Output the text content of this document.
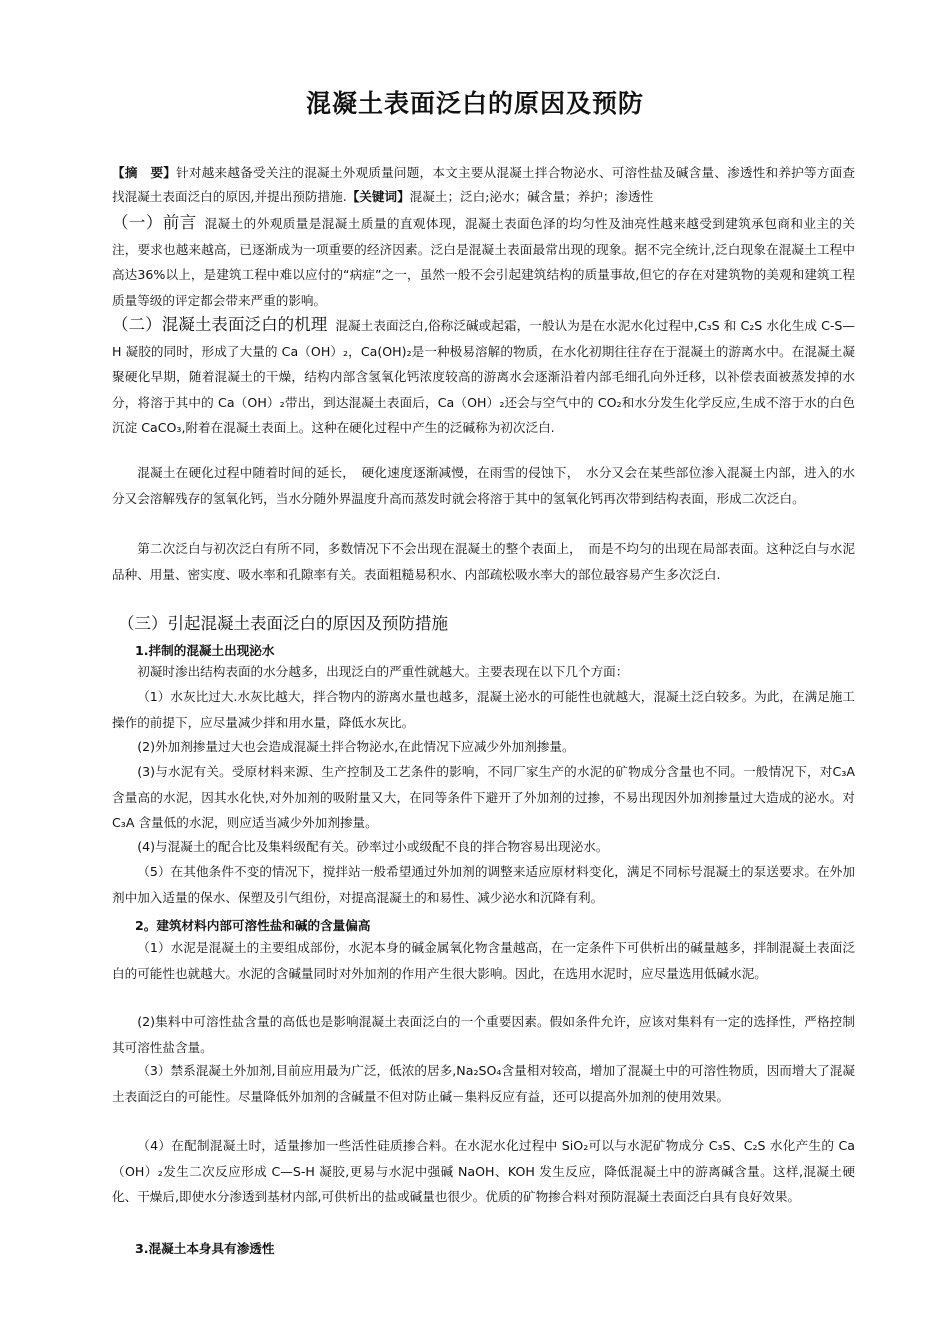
混凝土表面泛白的原因及预防
【摘　要】针对越来越备受关注的混凝土外观质量问题，本文主要从混凝土拌合物泌水、可溶性盐及碱含量、渗透性和养护等方面查找混凝土表面泛白的原因,并提出预防措施.【关键词】混凝土；泛白;泌水；碱含量；养护；渗透性
（一）前言 混凝土的外观质量是混凝土质量的直观体现，混凝土表面色泽的均匀性及油亮性越来越受到建筑承包商和业主的关注，要求也越来越高，已逐渐成为一项重要的经济因素。泛白是混凝土表面最常出现的现象。据不完全统计,泛白现象在混凝土工程中高达36%以上，是建筑工程中难以应付的“病症”之一，虽然一般不会引起建筑结构的质量事故,但它的存在对建筑物的美观和建筑工程质量等级的评定都会带来严重的影响。

（二）混凝土表面泛白的机理 混凝土表面泛白,俗称泛碱或起霜，一般认为是在水泥水化过程中,C₃S 和 C₂S 水化生成 C-S—H 凝胶的同时，形成了大量的 Ca（OH）₂，Ca(OH)₂是一种极易溶解的物质，在水化初期往往存在于混凝土的游离水中。在混凝土凝聚硬化早期，随着混凝土的干燥，结构内部含氢氧化钙浓度较高的游离水会逐渐沿着内部毛细孔向外迁移，以补偿表面被蒸发掉的水分，将溶于其中的 Ca（OH）₂带出，到达混凝土表面后，Ca（OH）₂还会与空气中的 CO₂和水分发生化学反应,生成不溶于水的白色沉淀 CaCO₃,附着在混凝土表面上。这种在硬化过程中产生的泛碱称为初次泛白.

混凝土在硬化过程中随着时间的延长，　硬化速度逐渐减慢，在雨雪的侵蚀下，　水分又会在某些部位渗入混凝土内部，进入的水分又会溶解残存的氢氧化钙，当水分随外界温度升高而蒸发时就会将溶于其中的氢氧化钙再次带到结构表面，形成二次泛白。
第二次泛白与初次泛白有所不同，多数情况下不会出现在混凝土的整个表面上，　而是不均匀的出现在局部表面。这种泛白与水泥品种、用量、密实度、吸水率和孔隙率有关。表面粗糙易积水、内部疏松吸水率大的部位最容易产生多次泛白.
（三）引起混凝土表面泛白的原因及预防措施
1.拌制的混凝土出现泌水
初凝时渗出结构表面的水分越多，出现泛白的严重性就越大。主要表现在以下几个方面：
（1）水灰比过大.水灰比越大，拌合物内的游离水量也越多，混凝土泌水的可能性也就越大，混凝土泛白较多。为此，在满足施工操作的前提下，应尽量减少拌和用水量，降低水灰比。
(2)外加剂掺量过大也会造成混凝土拌合物泌水,在此情况下应减少外加剂掺量。
(3)与水泥有关。受原材料来源、生产控制及工艺条件的影响，不同厂家生产的水泥的矿物成分含量也不同。一般情况下，对C₃A 含量高的水泥，因其水化快,对外加剂的吸附量又大，在同等条件下避开了外加剂的过掺，不易出现因外加剂掺量过大造成的泌水。对 C₃A 含量低的水泥，则应适当减少外加剂掺量。
(4)与混凝土的配合比及集料级配有关。砂率过小或级配不良的拌合物容易出现泌水。
（5）在其他条件不变的情况下，搅拌站一般希望通过外加剂的调整来适应原材料变化，满足不同标号混凝土的泵送要求。在外加剂中加入适量的保水、保塑及引气组份，对提高混凝土的和易性、减少泌水和沉降有利。
2。建筑材料内部可溶性盐和碱的含量偏高
（1）水泥是混凝土的主要组成部份，水泥本身的碱金属氧化物含量越高，在一定条件下可供析出的碱量越多，拌制混凝土表面泛白的可能性也就越大。水泥的含碱量同时对外加剂的作用产生很大影响。因此，在选用水泥时，应尽量选用低碱水泥。
(2)集料中可溶性盐含量的高低也是影响混凝土表面泛白的一个重要因素。假如条件允许，应该对集料有一定的选择性，严格控制其可溶性盐含量。
（3）禁系混凝土外加剂,目前应用最为广泛，低浓的居多,Na₂SO₄含量相对较高，增加了混凝土中的可溶性物质，因而增大了混凝土表面泛白的可能性。尽量降低外加剂的含碱量不但对防止碱－集料反应有益，还可以提高外加剂的使用效果。
（4）在配制混凝土时，适量掺加一些活性硅质掺合料。在水泥水化过程中 SiO₂可以与水泥矿物成分 C₃S、C₂S 水化产生的 Ca（OH）₂发生二次反应形成 C—S-H 凝胶,更易与水泥中强碱 NaOH、KOH 发生反应，降低混凝土中的游离碱含量。这样,混凝土硬化、干燥后,即使水分渗透到基材内部,可供析出的盐或碱量也很少。优质的矿物掺合料对预防混凝土表面泛白具有良好效果。
3.混凝土本身具有渗透性
